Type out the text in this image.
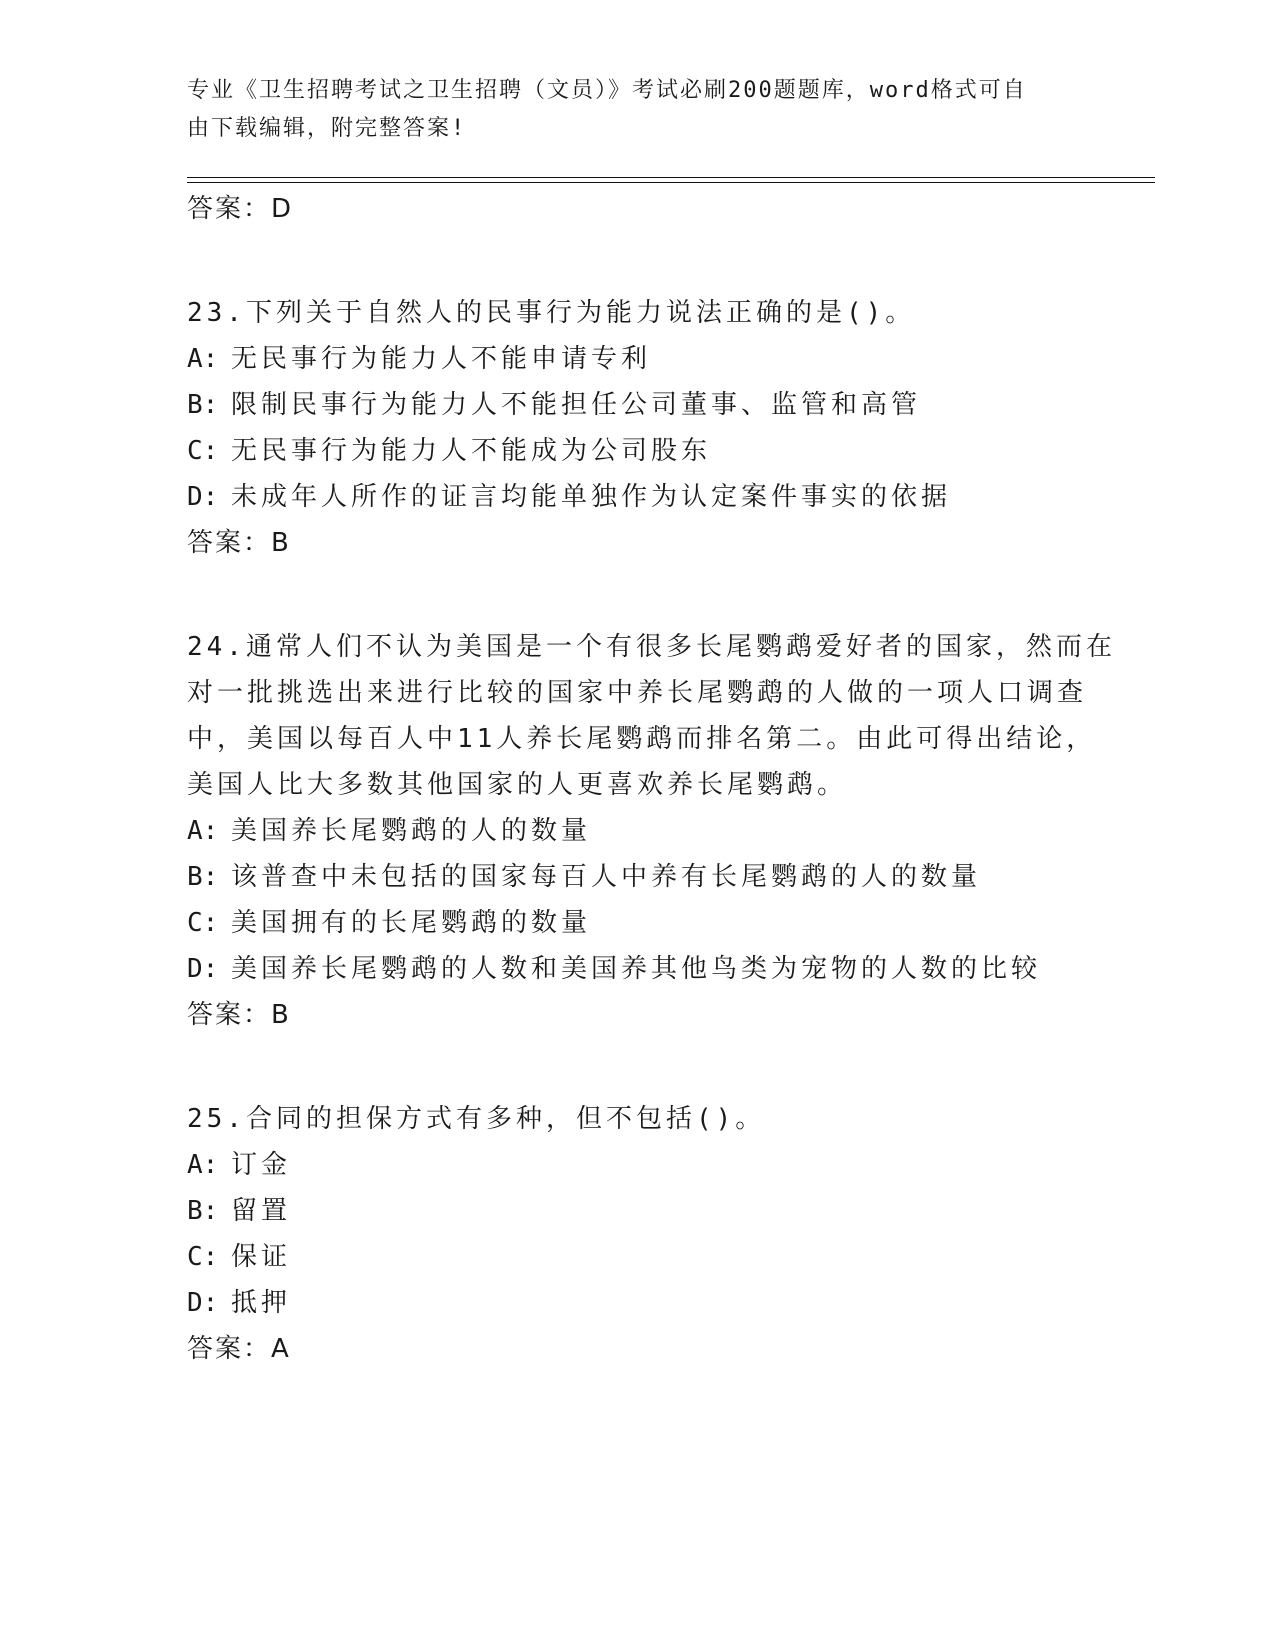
专业《卫生招聘考试之卫生招聘（文员）》考试必刷200题题库，word格式可自
由下载编辑，附完整答案!
答案：D
23.下列关于自然人的民事行为能力说法正确的是()。
A: 无民事行为能力人不能申请专利
B: 限制民事行为能力人不能担任公司董事、监管和高管
C: 无民事行为能力人不能成为公司股东
D: 未成年人所作的证言均能单独作为认定案件事实的依据
答案：B
24.通常人们不认为美国是一个有很多长尾鹦鹉爱好者的国家，然而在
对一批挑选出来进行比较的国家中养长尾鹦鹉的人做的一项人口调查
中，美国以每百人中11人养长尾鹦鹉而排名第二。由此可得出结论，
美国人比大多数其他国家的人更喜欢养长尾鹦鹉。
A: 美国养长尾鹦鹉的人的数量
B: 该普查中未包括的国家每百人中养有长尾鹦鹉的人的数量
C: 美国拥有的长尾鹦鹉的数量
D: 美国养长尾鹦鹉的人数和美国养其他鸟类为宠物的人数的比较
答案：B
25.合同的担保方式有多种，但不包括()。
A: 订金
B: 留置
C: 保证
D: 抵押
答案：A
